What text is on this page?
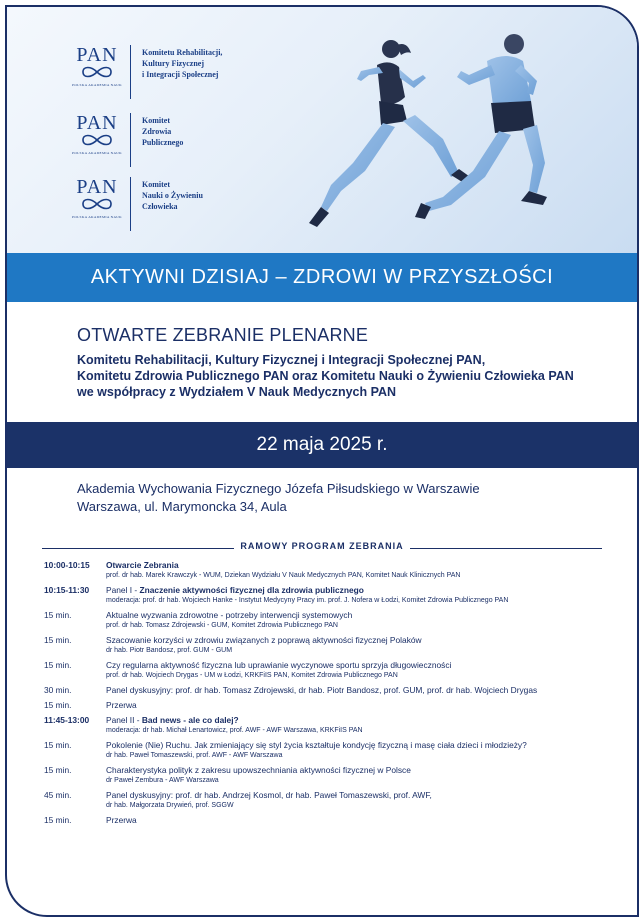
PAN
POLSKA AKADEMIA NAUK
Komitetu Rehabilitacji,
Kultury Fizycznej
i Integracji Społecznej
PAN
POLSKA AKADEMIA NAUK
Komitet
Zdrowia
Publicznego
PAN
POLSKA AKADEMIA NAUK
Komitet
Nauki o Żywieniu
Człowieka
AKTYWNI DZISIAJ – ZDROWI W PRZYSZŁOŚCI
OTWARTE ZEBRANIE PLENARNE
Komitetu Rehabilitacji, Kultury Fizycznej i Integracji Społecznej PAN,
Komitetu Zdrowia Publicznego PAN oraz Komitetu Nauki o Żywieniu Człowieka PAN
we współpracy z Wydziałem V Nauk Medycznych PAN
22 maja 2025 r.
Akademia Wychowania Fizycznego Józefa Piłsudskiego w Warszawie
Warszawa, ul. Marymoncka 34, Aula
RAMOWY PROGRAM ZEBRANIA
10:00-10:15	Otwarcie Zebrania
prof. dr hab. Marek Krawczyk - WUM, Dziekan Wydziału V Nauk Medycznych PAN, Komitet Nauk Klinicznych PAN
10:15-11:30	Panel I - Znaczenie aktywności fizycznej dla zdrowia publicznego
moderacja: prof. dr hab. Wojciech Hanke - Instytut Medycyny Pracy im. prof. J. Nofera w Łodzi, Komitet Zdrowia Publicznego PAN
15 min.	Aktualne wyzwania zdrowotne - potrzeby interwencji systemowych
prof. dr hab. Tomasz Zdrojewski - GUM, Komitet Zdrowia Publicznego PAN
15 min.	Szacowanie korzyści w zdrowiu związanych z poprawą aktywności fizycznej Polaków
dr hab. Piotr Bandosz, prof. GUM - GUM
15 min.	Czy regularna aktywność fizyczna lub uprawianie wyczynowe sportu sprzyja długowieczności
prof. dr hab. Wojciech Drygas - UM w Łodzi, KRKFiIS PAN, Komitet Zdrowia Publicznego PAN
30 min.	Panel dyskusyjny: prof. dr hab. Tomasz Zdrojewski, dr hab. Piotr Bandosz, prof. GUM, prof. dr hab. Wojciech Drygas
15 min.	Przerwa
11:45-13:00	Panel II - Bad news - ale co dalej?
moderacja: dr hab. Michał Lenartowicz, prof. AWF - AWF Warszawa, KRKFiIS PAN
15 min.	Pokolenie (Nie) Ruchu. Jak zmieniający się styl życia kształtuje kondycję fizyczną i masę ciała dzieci i młodzieży?
dr hab. Paweł Tomaszewski, prof. AWF - AWF Warszawa
15 min.	Charakterystyka polityk z zakresu upowszechniania aktywności fizycznej w Polsce
dr Paweł Zembura - AWF Warszawa
45 min.	Panel dyskusyjny: prof. dr hab. Andrzej Kosmol, dr hab. Paweł Tomaszewski, prof. AWF,
dr hab. Małgorzata Drywień, prof. SGGW
15 min.	Przerwa
